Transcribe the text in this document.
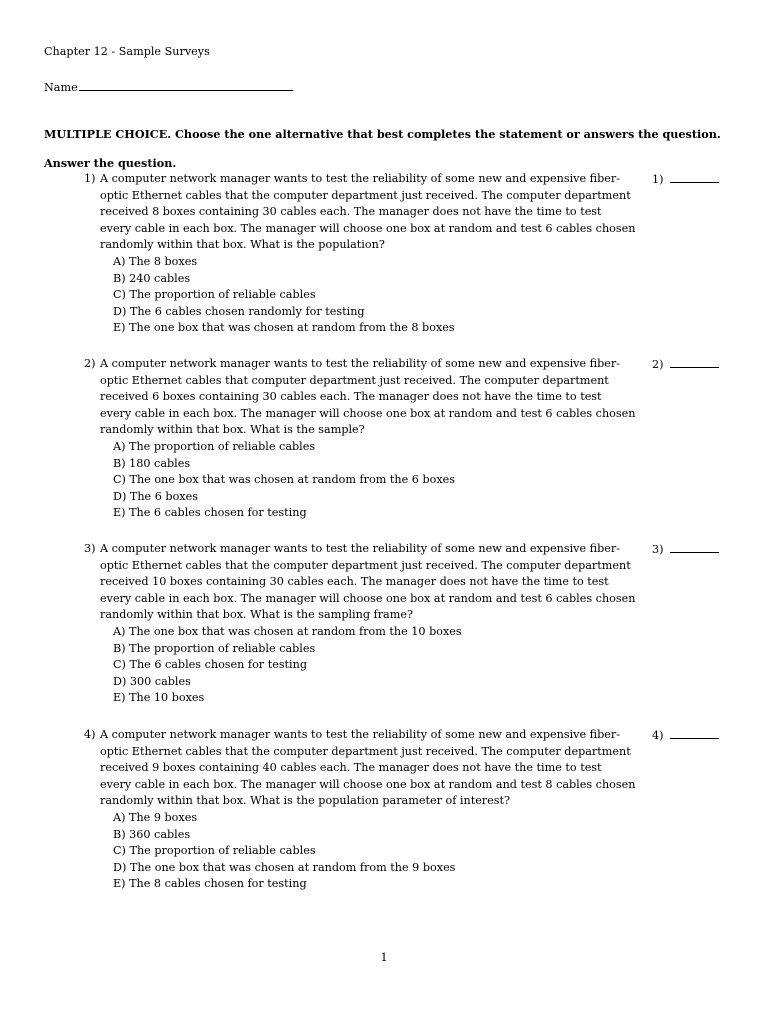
Chapter 12 - Sample Surveys
Name
MULTIPLE CHOICE. Choose the one alternative that best completes the statement or answers the question.
Answer the question.
1) A computer network manager wants to test the reliability of some new and expensive fiber-optic Ethernet cables that the computer department just received. The computer department received 8 boxes containing 30 cables each. The manager does not have the time to test every cable in each box. The manager will choose one box at random and test 6 cables chosen randomly within that box. What is the population?
A) The 8 boxes
B) 240 cables
C) The proportion of reliable cables
D) The 6 cables chosen randomly for testing
E) The one box that was chosen at random from the 8 boxes
1)
2) A computer network manager wants to test the reliability of some new and expensive fiber-optic Ethernet cables that computer department just received. The computer department received 6 boxes containing 30 cables each. The manager does not have the time to test every cable in each box. The manager will choose one box at random and test 6 cables chosen randomly within that box. What is the sample?
A) The proportion of reliable cables
B) 180 cables
C) The one box that was chosen at random from the 6 boxes
D) The 6 boxes
E) The 6 cables chosen for testing
2)
3) A computer network manager wants to test the reliability of some new and expensive fiber-optic Ethernet cables that the computer department just received. The computer department received 10 boxes containing 30 cables each. The manager does not have the time to test every cable in each box. The manager will choose one box at random and test 6 cables chosen randomly within that box. What is the sampling frame?
A) The one box that was chosen at random from the 10 boxes
B) The proportion of reliable cables
C) The 6 cables chosen for testing
D) 300 cables
E) The 10 boxes
3)
4) A computer network manager wants to test the reliability of some new and expensive fiber-optic Ethernet cables that the computer department just received. The computer department received 9 boxes containing 40 cables each. The manager does not have the time to test every cable in each box. The manager will choose one box at random and test 8 cables chosen randomly within that box. What is the population parameter of interest?
A) The 9 boxes
B) 360 cables
C) The proportion of reliable cables
D) The one box that was chosen at random from the 9 boxes
E) The 8 cables chosen for testing
4)
1
